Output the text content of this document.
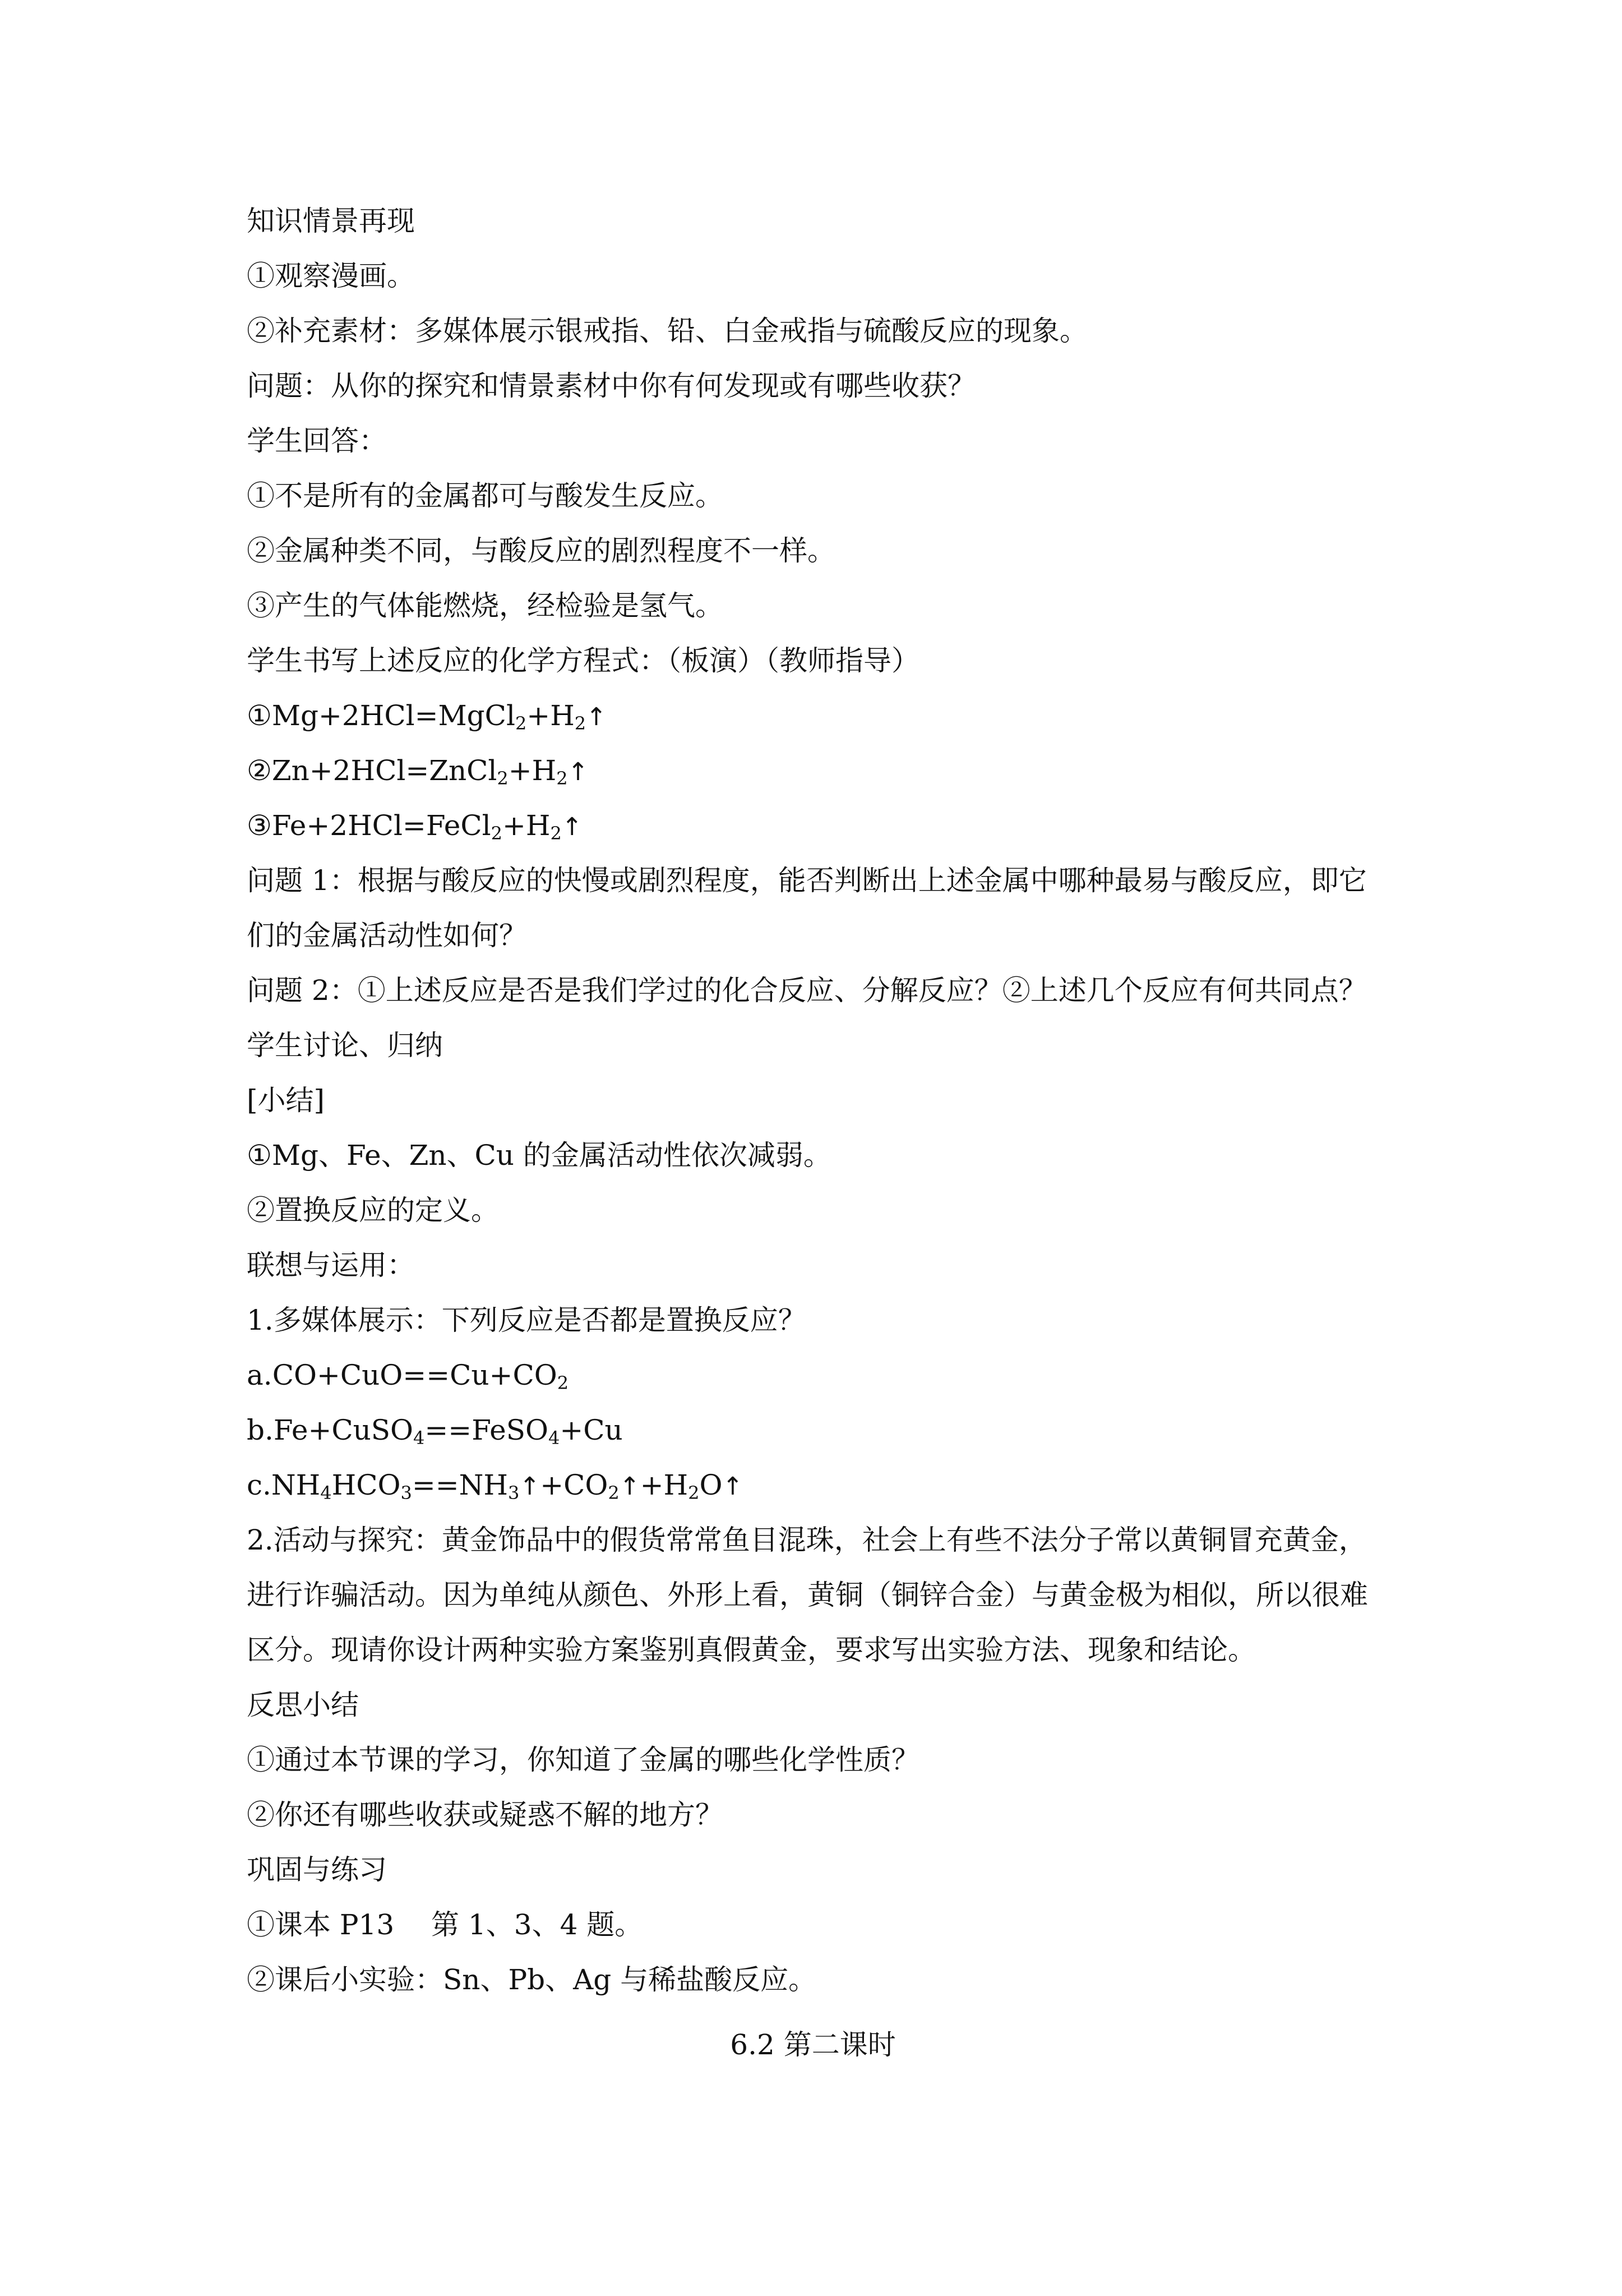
知识情景再现

①观察漫画。

②补充素材：多媒体展示银戒指、铅、白金戒指与硫酸反应的现象。

问题：从你的探究和情景素材中你有何发现或有哪些收获？

学生回答：

①不是所有的金属都可与酸发生反应。

②金属种类不同，与酸反应的剧烈程度不一样。

③产生的气体能燃烧，经检验是氢气。

学生书写上述反应的化学方程式：（板演）（教师指导）

$①Mg+2HCl=MgCl_2+H_2↑$

$②Zn+2HCl=ZnCl_2+H_2↑$

$③Fe+2HCl=FeCl_2+H_2↑$

问题 1：根据与酸反应的快慢或剧烈程度，能否判断出上述金属中哪种最易与酸反应，即它

们的金属活动性如何？

问题 2：①上述反应是否是我们学过的化合反应、分解反应？②上述几个反应有何共同点？

学生讨论、归纳

[小结]

①Mg、Fe、Zn、Cu 的金属活动性依次减弱。

②置换反应的定义。

联想与运用：

1.多媒体展示：下列反应是否都是置换反应？

$a.CO+CuO==Cu+CO_2$

b.Fe+CuSO$_4$==FeSO$_4$+Cu

$c.NH_4HCO_3==NH_3↑+CO_2↑+H_2O↑$

2.活动与探究：黄金饰品中的假货常常鱼目混珠，社会上有些不法分子常以黄铜冒充黄金，

进行诈骗活动。因为单纯从颜色、外形上看，黄铜（铜锌合金）与黄金极为相似，所以很难

区分。现请你设计两种实验方案鉴别真假黄金，要求写出实验方法、现象和结论。

反思小结

①通过本节课的学习，你知道了金属的哪些化学性质？

②你还有哪些收获或疑惑不解的地方？

巩固与练习

①课本 P13　 第 1、3、4 题。

②课后小实验：Sn、Pb、Ag 与稀盐酸反应。

6.2 第二课时
